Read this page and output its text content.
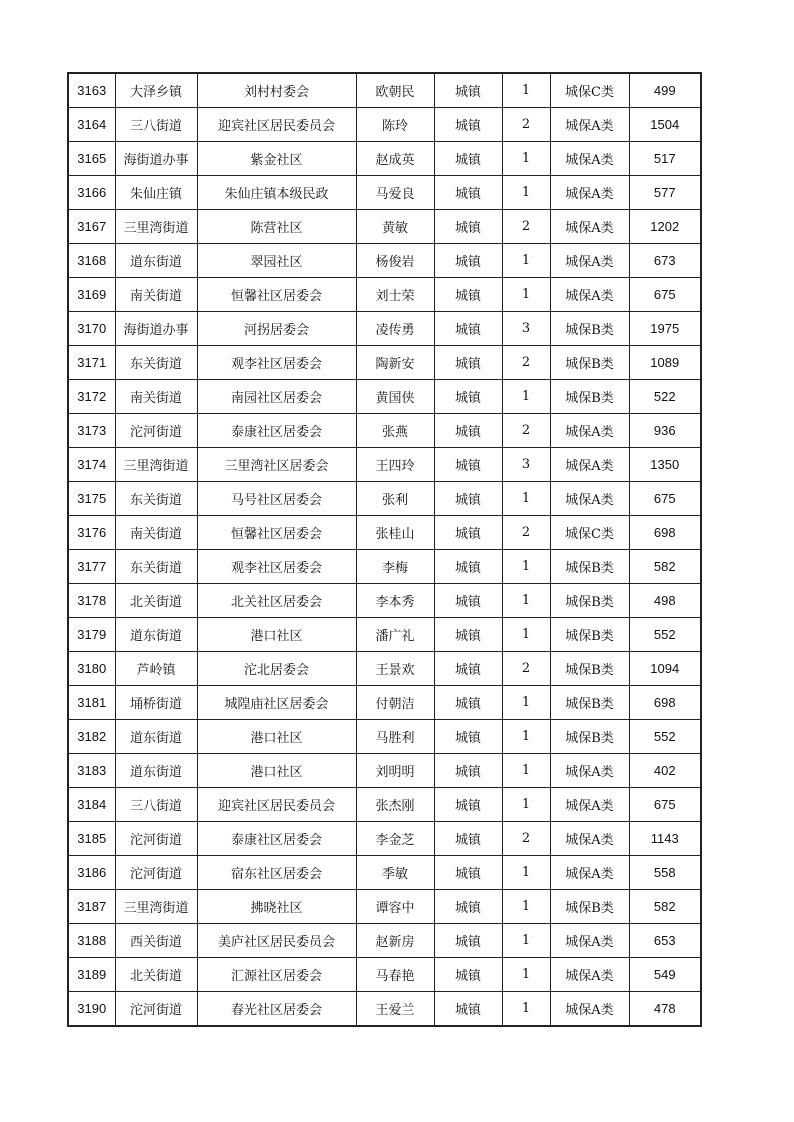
3163	大泽乡镇	刘村村委会	欧朝民	城镇	1	城保C类	499
3164	三八街道	迎宾社区居民委员会	陈玲	城镇	2	城保A类	1504
3165	海街道办事	紫金社区	赵成英	城镇	1	城保A类	517
3166	朱仙庄镇	朱仙庄镇本级民政	马爱良	城镇	1	城保A类	577
3167	三里湾街道	陈营社区	黄敏	城镇	2	城保A类	1202
3168	道东街道	翠园社区	杨俊岩	城镇	1	城保A类	673
3169	南关街道	恒馨社区居委会	刘士荣	城镇	1	城保A类	675
3170	海街道办事	河拐居委会	凌传勇	城镇	3	城保B类	1975
3171	东关街道	观李社区居委会	陶新安	城镇	2	城保B类	1089
3172	南关街道	南园社区居委会	黄国侠	城镇	1	城保B类	522
3173	沱河街道	泰康社区居委会	张燕	城镇	2	城保A类	936
3174	三里湾街道	三里湾社区居委会	王四玲	城镇	3	城保A类	1350
3175	东关街道	马号社区居委会	张利	城镇	1	城保A类	675
3176	南关街道	恒馨社区居委会	张桂山	城镇	2	城保C类	698
3177	东关街道	观李社区居委会	李梅	城镇	1	城保B类	582
3178	北关街道	北关社区居委会	李本秀	城镇	1	城保B类	498
3179	道东街道	港口社区	潘广礼	城镇	1	城保B类	552
3180	芦岭镇	沱北居委会	王景欢	城镇	2	城保B类	1094
3181	埇桥街道	城隍庙社区居委会	付朝洁	城镇	1	城保B类	698
3182	道东街道	港口社区	马胜利	城镇	1	城保B类	552
3183	道东街道	港口社区	刘明明	城镇	1	城保A类	402
3184	三八街道	迎宾社区居民委员会	张杰刚	城镇	1	城保A类	675
3185	沱河街道	泰康社区居委会	李金芝	城镇	2	城保A类	1143
3186	沱河街道	宿东社区居委会	季敏	城镇	1	城保A类	558
3187	三里湾街道	拂晓社区	谭容中	城镇	1	城保B类	582
3188	西关街道	美庐社区居民委员会	赵新房	城镇	1	城保A类	653
3189	北关街道	汇源社区居委会	马春艳	城镇	1	城保A类	549
3190	沱河街道	春光社区居委会	王爱兰	城镇	1	城保A类	478
